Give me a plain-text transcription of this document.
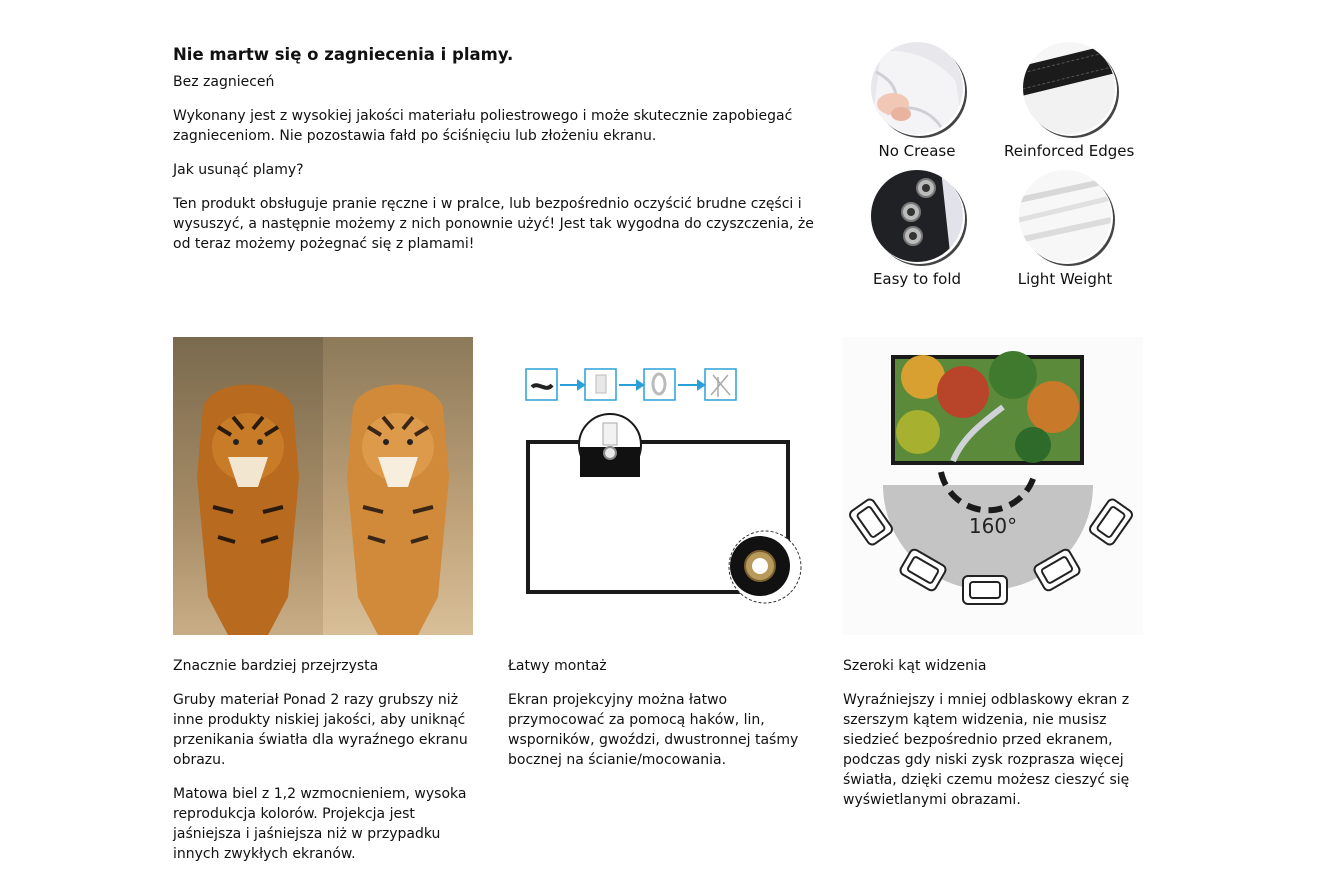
Nie martw się o zagniecenia i plamy.

Bez zagnieceń

Wykonany jest z wysokiej jakości materiału poliestrowego i może skutecznie zapobiegać zagnieceniom. Nie pozostawia fałd po ściśnięciu lub złożeniu ekranu.

Jak usunąć plamy?

Ten produkt obsługuje pranie ręczne i w pralce, lub bezpośrednio oczyścić brudne części i wysuszyć, a następnie możemy z nich ponownie użyć! Jest tak wygodna do czyszczenia, że od teraz możemy pożegnać się z plamami!

No Crease	Reinforced Edges
Easy to fold	Light Weight
160°

Znacznie bardziej przejrzysta

Gruby materiał Ponad 2 razy grubszy niż inne produkty niskiej jakości, aby uniknąć przenikania światła dla wyraźnego ekranu obrazu.

Matowa biel z 1,2 wzmocnieniem, wysoka reprodukcja kolorów. Projekcja jest jaśniejsza i jaśniejsza niż w przypadku innych zwykłych ekranów.

Łatwy montaż

Ekran projekcyjny można łatwo przymocować za pomocą haków, lin, wsporników, gwoździ, dwustronnej taśmy bocznej na ścianie/mocowania.

Szeroki kąt widzenia

Wyraźniejszy i mniej odblaskowy ekran z szerszym kątem widzenia, nie musisz siedzieć bezpośrednio przed ekranem, podczas gdy niski zysk rozprasza więcej światła, dzięki czemu możesz cieszyć się wyświetlanymi obrazami.
